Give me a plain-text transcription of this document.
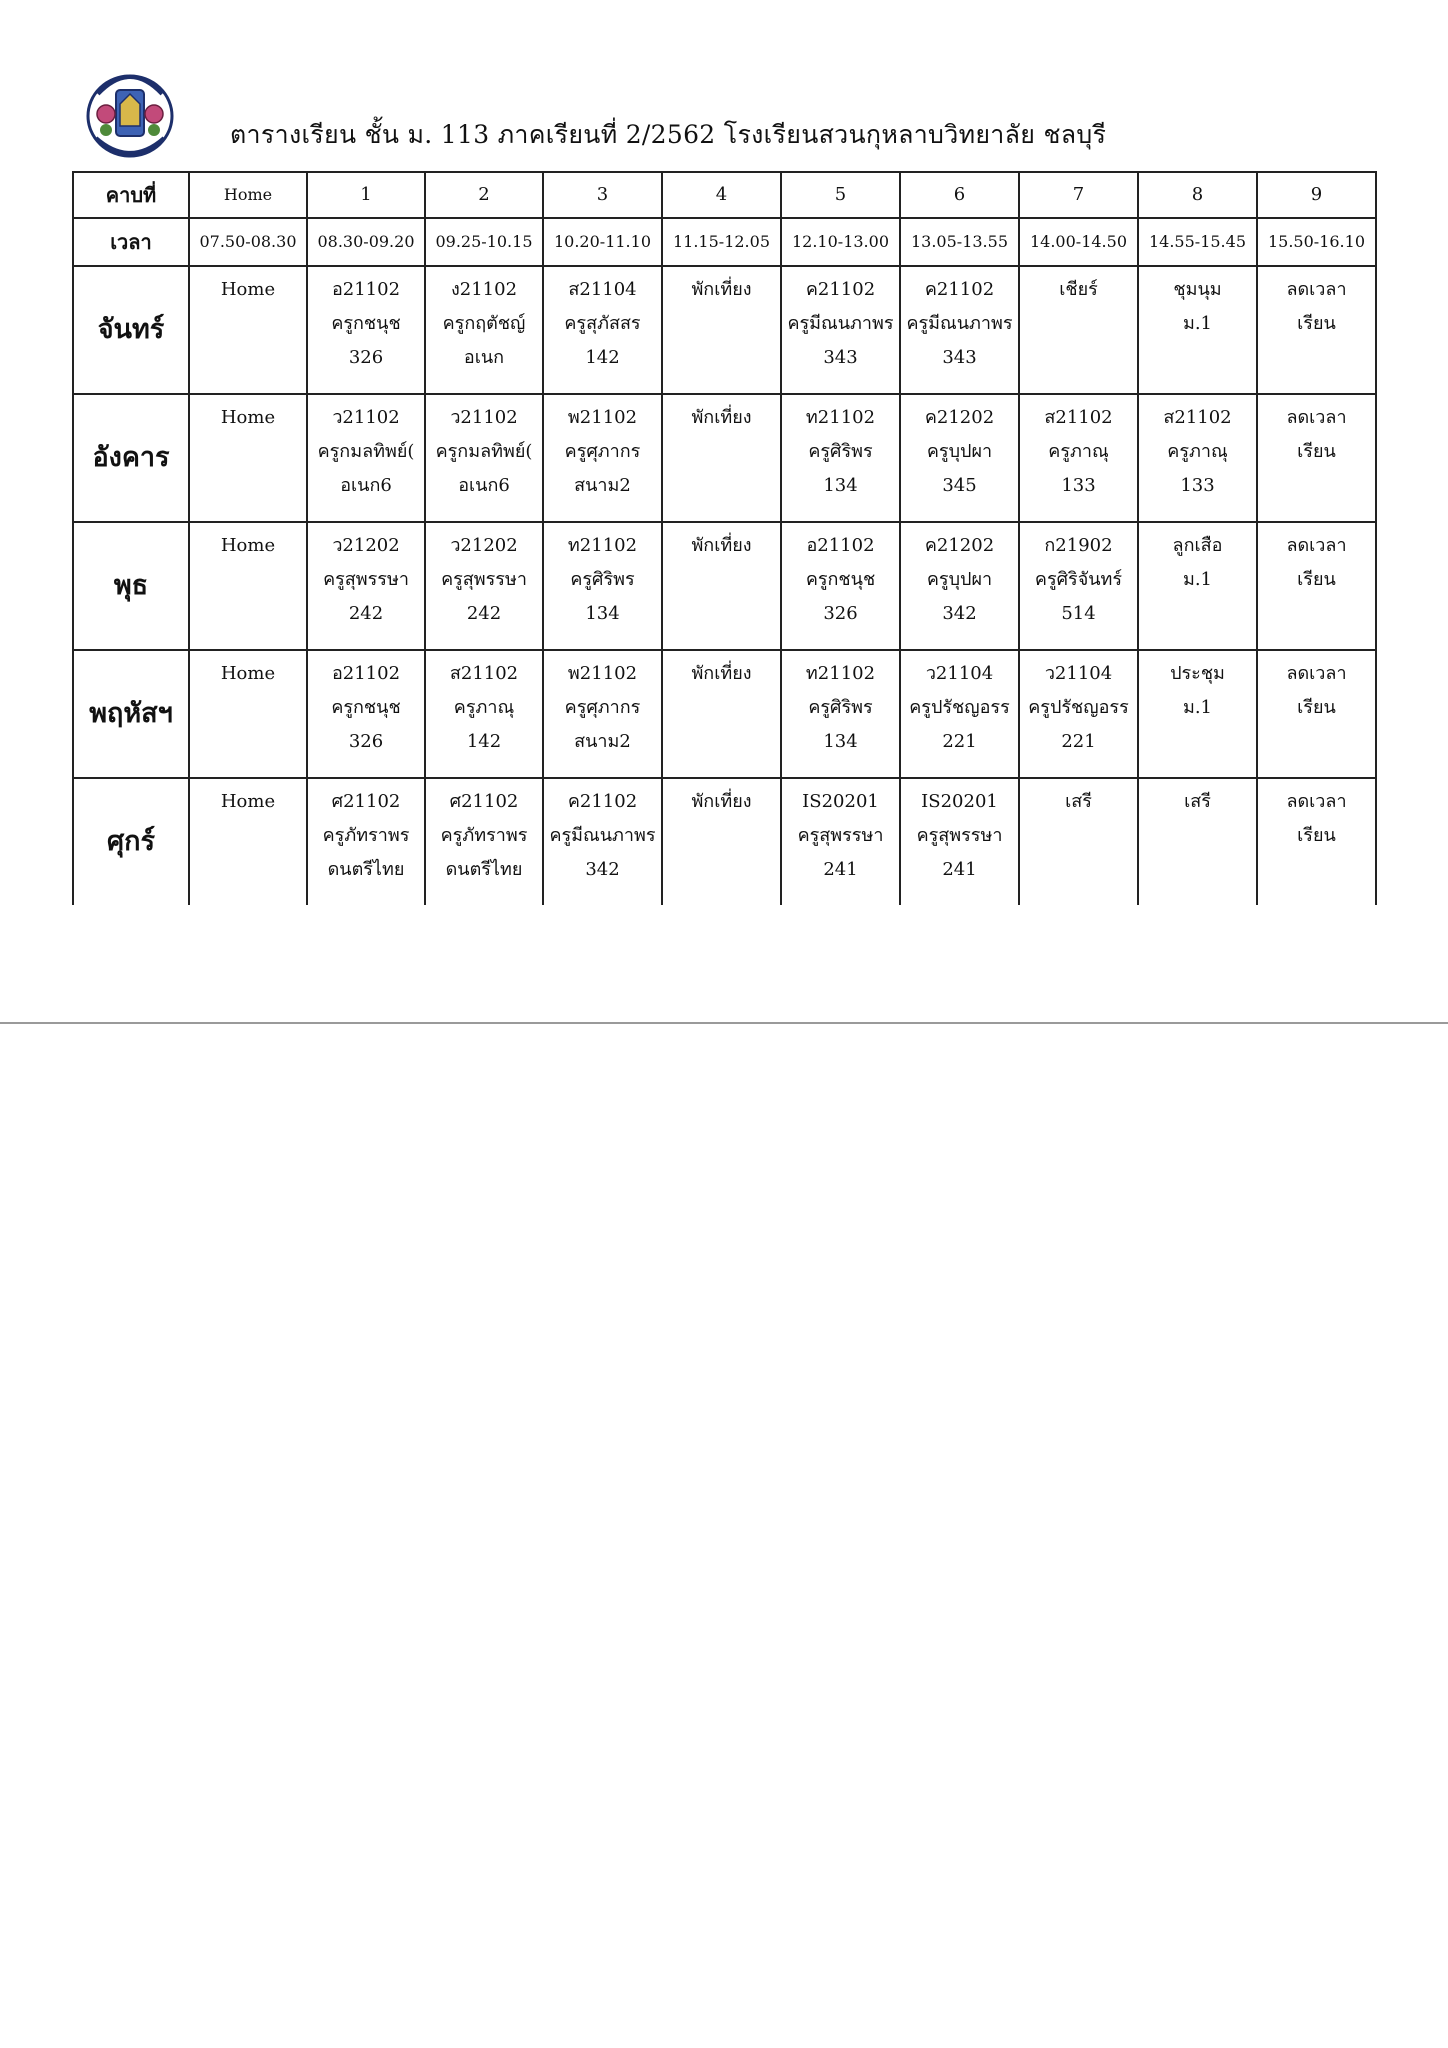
ตารางเรียน ชั้น ม. 113 ภาคเรียนที่ 2/2562 โรงเรียนสวนกุหลาบวิทยาลัย ชลบุรี
คาบที่	Home	1	2	3	4	5	6	7	8	9
เวลา	07.50-08.30	08.30-09.20	09.25-10.15	10.20-11.10	11.15-12.05	12.10-13.00	13.05-13.55	14.00-14.50	14.55-15.45	15.50-16.10
จันทร์	Home	อ21102
ครูกชนุช
326	ง21102
ครูกฤตัชญ์
อเนก	ส21104
ครูสุภัสสร
142	พักเที่ยง	ค21102
ครูมีณนภาพร
343	ค21102
ครูมีณนภาพร
343	เชียร์	ชุมนุม
ม.1	ลดเวลา
เรียน

อังคาร	Home	ว21102
ครูกมลทิพย์(
อเนก6	ว21102
ครูกมลทิพย์(
อเนก6	พ21102
ครูศุภากร
สนาม2	พักเที่ยง	ท21102
ครูศิริพร
134	ค21202
ครูบุปผา
345	ส21102
ครูภาณุ
133	ส21102
ครูภาณุ
133	ลดเวลา
เรียน

พุธ	Home	ว21202
ครูสุพรรษา
242	ว21202
ครูสุพรรษา
242	ท21102
ครูศิริพร
134	พักเที่ยง	อ21102
ครูกชนุช
326	ค21202
ครูบุปผา
342	ก21902
ครูศิริจันทร์
514	ลูกเสือ
ม.1	ลดเวลา
เรียน

พฤหัสฯ	Home	อ21102
ครูกชนุช
326	ส21102
ครูภาณุ
142	พ21102
ครูศุภากร
สนาม2	พักเที่ยง	ท21102
ครูศิริพร
134	ว21104
ครูปรัชญอรร
221	ว21104
ครูปรัชญอรร
221	ประชุม
ม.1	ลดเวลา
เรียน

ศุกร์	Home	ศ21102
ครูภัทราพร
ดนตรีไทย	ศ21102
ครูภัทราพร
ดนตรีไทย	ค21102
ครูมีณนภาพร
342	พักเที่ยง	IS20201
ครูสุพรรษา
241	IS20201
ครูสุพรรษา
241	เสรี	เสรี	ลดเวลา
เรียน
